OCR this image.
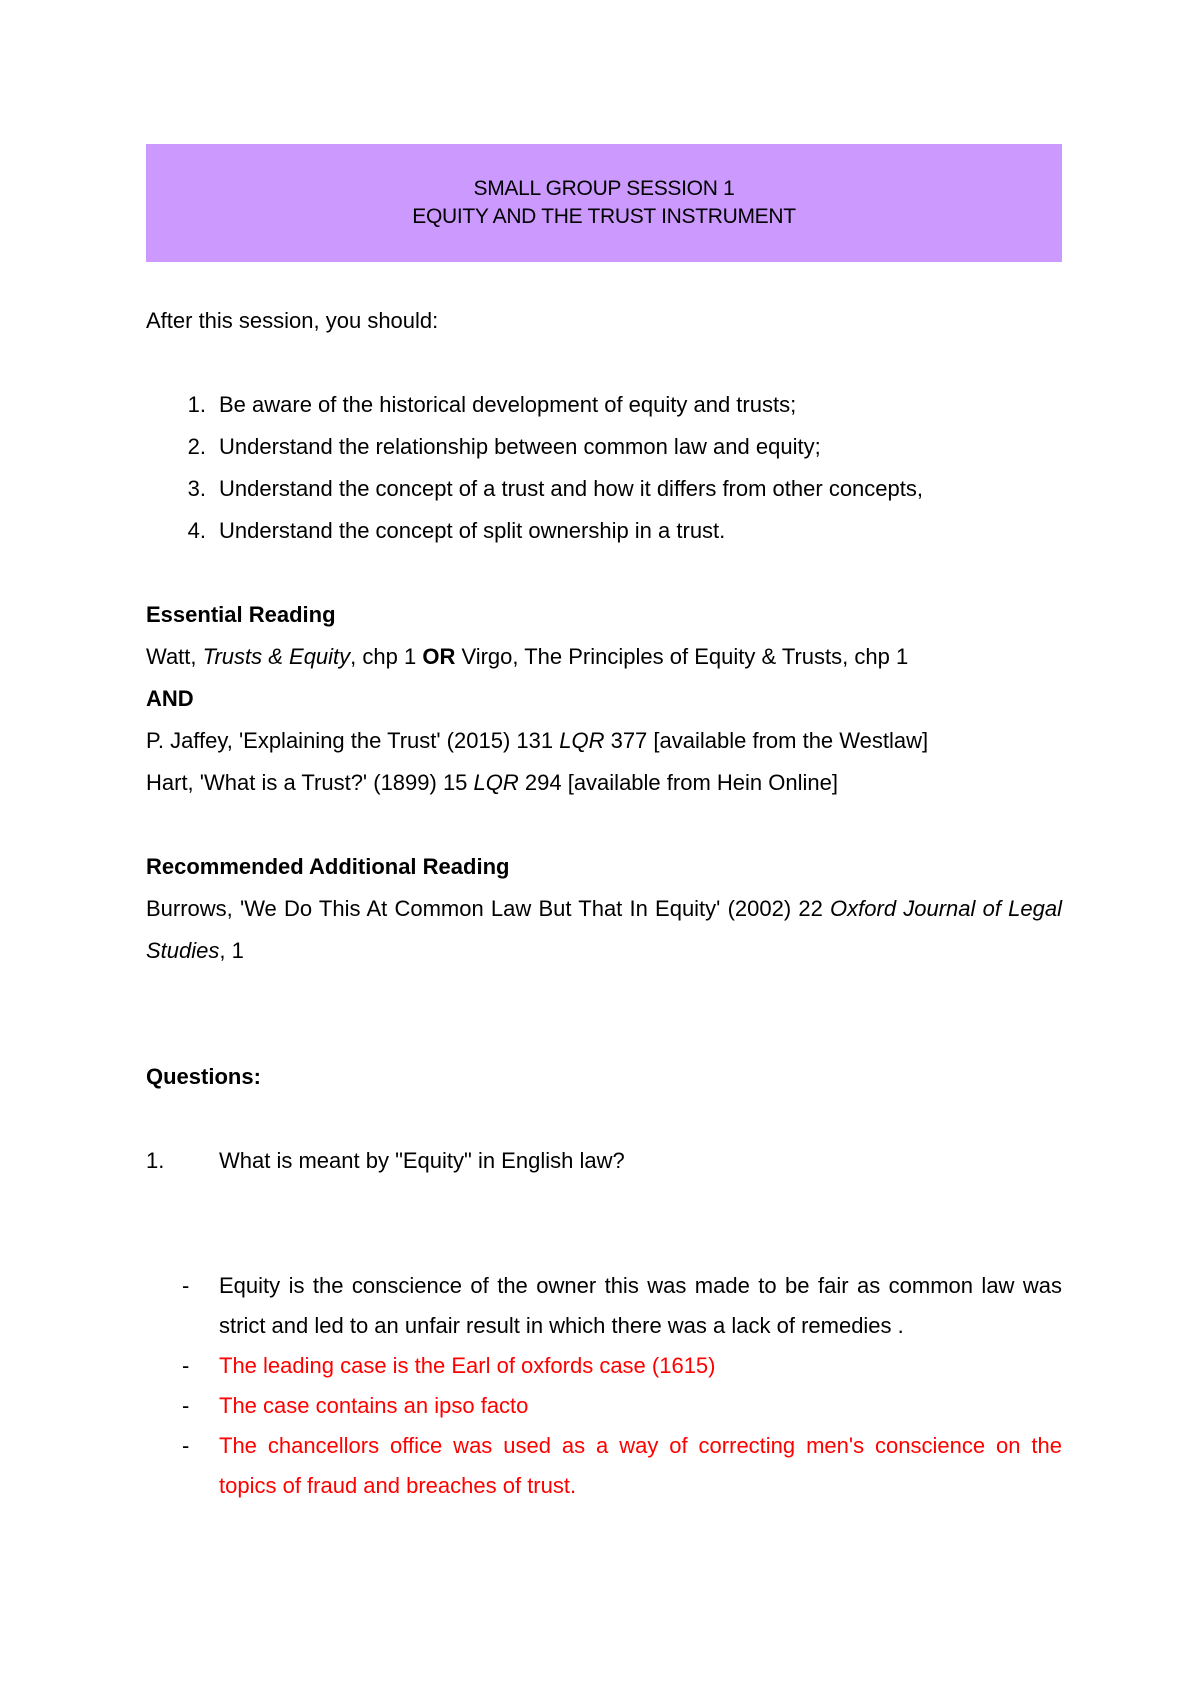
SMALL GROUP SESSION 1
EQUITY AND THE TRUST INSTRUMENT

After this session, you should:

1. Be aware of the historical development of equity and trusts;
2. Understand the relationship between common law and equity;
3. Understand the concept of a trust and how it differs from other concepts,
4. Understand the concept of split ownership in a trust.
Essential Reading
Watt, Trusts & Equity, chp 1 OR Virgo, The Principles of Equity & Trusts, chp 1
AND
P. Jaffey, 'Explaining the Trust' (2015) 131 LQR 377 [available from the Westlaw]
Hart, 'What is a Trust?' (1899) 15 LQR 294 [available from Hein Online]
Recommended Additional Reading
Burrows, 'We Do This At Common Law But That In Equity' (2002) 22 Oxford Journal of Legal Studies, 1
Questions:
1.	What is meant by "Equity" in English law?
-	Equity is the conscience of the owner this was made to be fair as common law was strict and led to an unfair result in which there was a lack of remedies .
-	The leading case is the Earl of oxfords case (1615)
-	The case contains an ipso facto
-	The chancellors office was used as a way of correcting men's conscience on the topics of fraud and breaches of trust.
